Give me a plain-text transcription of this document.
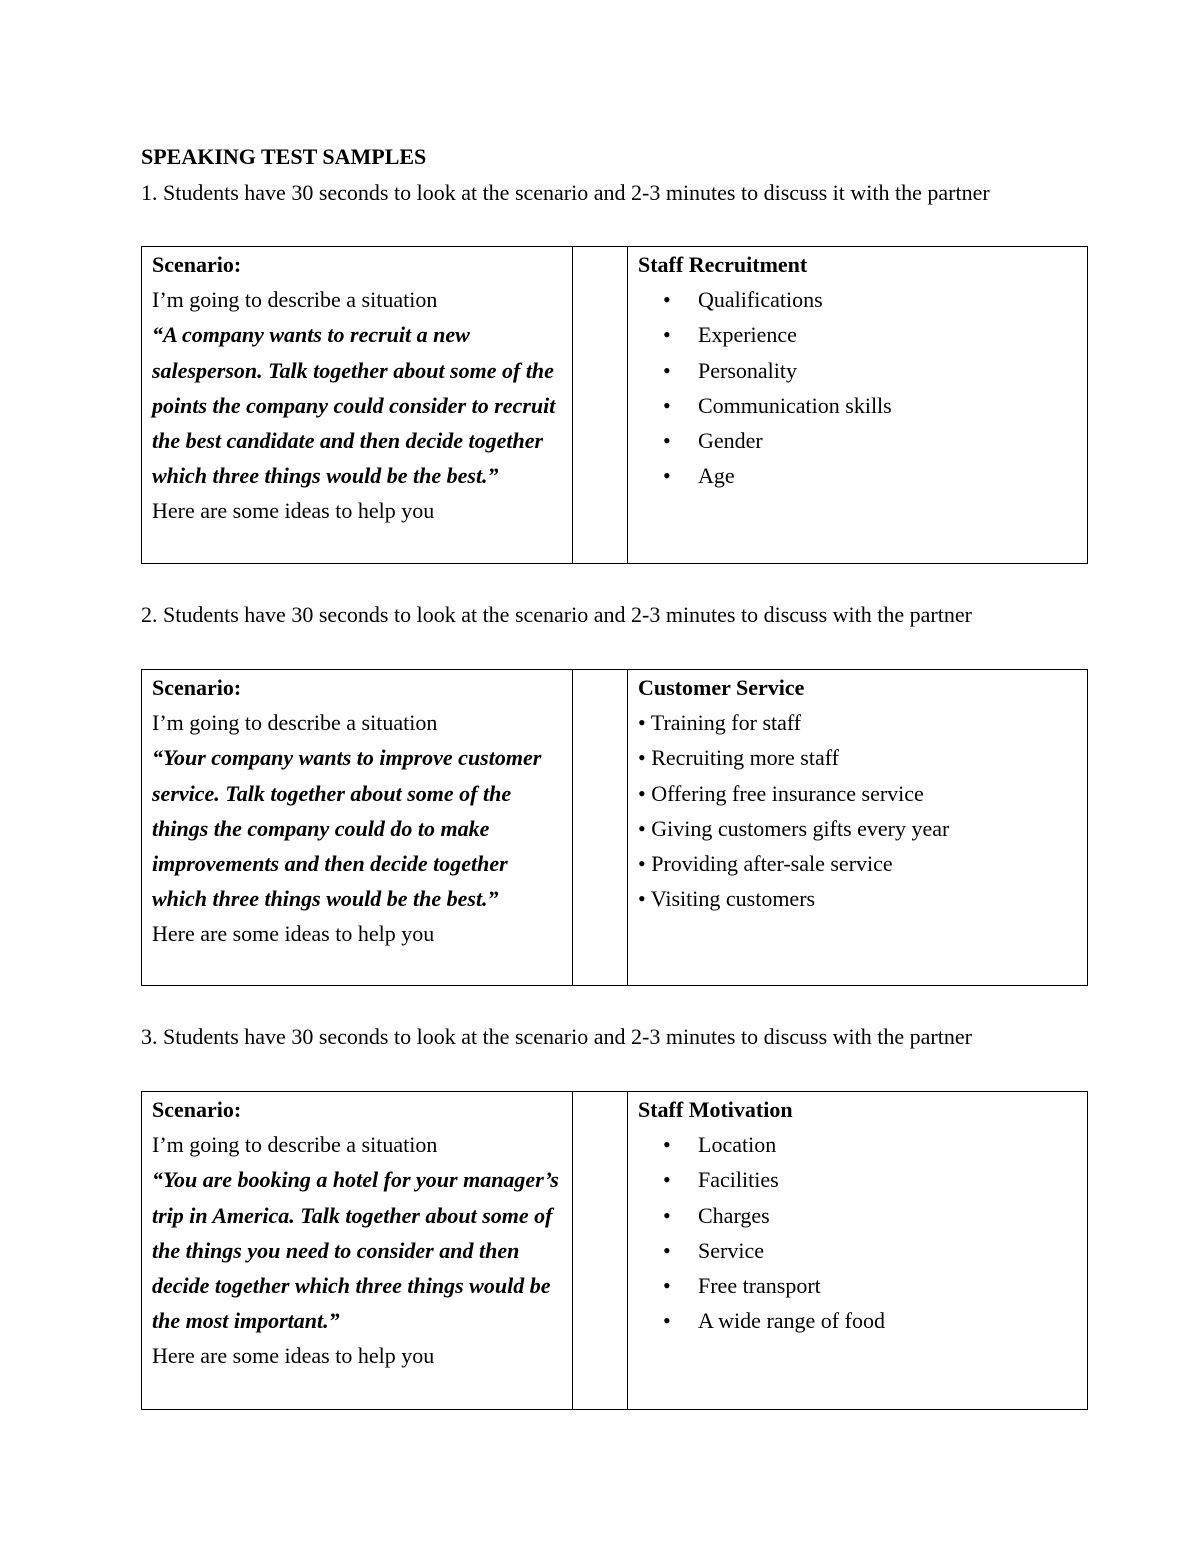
SPEAKING TEST SAMPLES
1. Students have 30 seconds to look at the scenario and 2-3 minutes to discuss it with the partner
Scenario:
I’m going to describe a situation
“A company wants to recruit a new salesperson. Talk together about some of the points the company could consider to recruit the best candidate and then decide together which three things would be the best.”
Here are some ideas to help you

Staff Recruitment
• Qualifications
• Experience
• Personality
• Communication skills
• Gender
• Age
2. Students have 30 seconds to look at the scenario and 2-3 minutes to discuss with the partner
Scenario:
I’m going to describe a situation
“Your company wants to improve customer service. Talk together about some of the things the company could do to make improvements and then decide together which three things would be the best.”
Here are some ideas to help you

Customer Service
• Training for staff
• Recruiting more staff
• Offering free insurance service
• Giving customers gifts every year
• Providing after-sale service
• Visiting customers
3. Students have 30 seconds to look at the scenario and 2-3 minutes to discuss with the partner
Scenario:
I’m going to describe a situation
“You are booking a hotel for your manager’s trip in America. Talk together about some of the things you need to consider and then decide together which three things would be the most important.”
Here are some ideas to help you

Staff Motivation
• Location
• Facilities
• Charges
• Service
• Free transport
• A wide range of food
